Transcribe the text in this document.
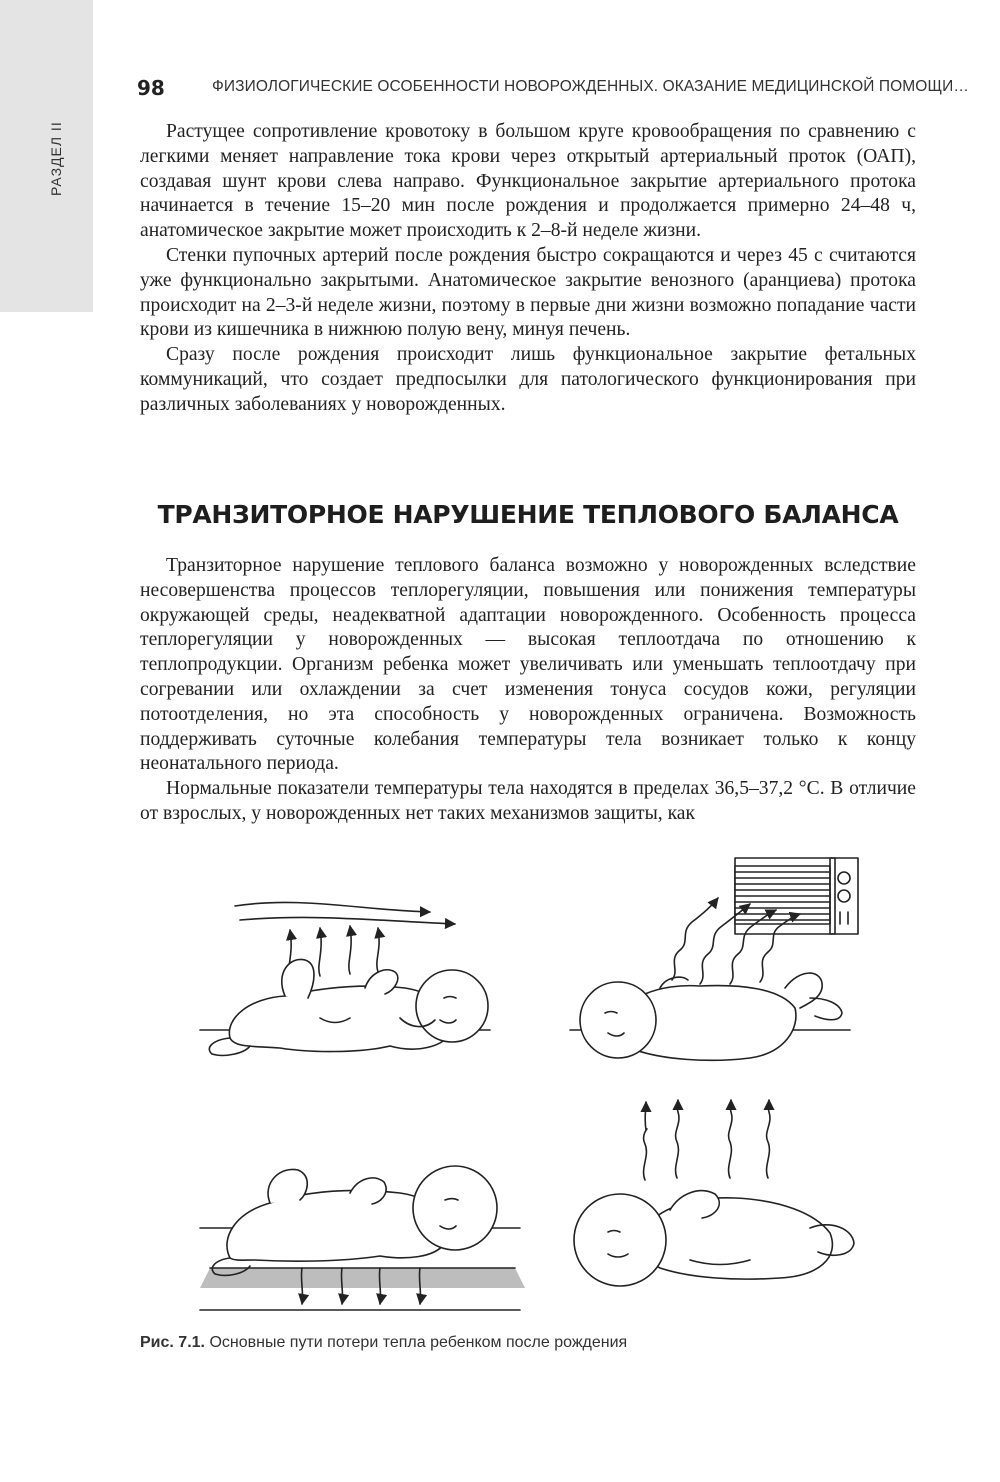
РАЗДЕЛ II
98	ФИЗИОЛОГИЧЕСКИЕ ОСОБЕННОСТИ НОВОРОЖДЕННЫХ. ОКАЗАНИЕ МЕДИЦИНСКОЙ ПОМОЩИ…

Растущее сопротивление кровотоку в большом круге кровообращения по сравнению с легкими меняет направление тока крови через открытый артериальный проток (ОАП), создавая шунт крови слева направо. Функциональное закрытие артериального протока начинается в течение 15–20 мин после рождения и продолжается примерно 24–48 ч, анатомическое закрытие может происходить к 2–8-й неделе жизни.

Стенки пупочных артерий после рождения быстро сокращаются и через 45 с считаются уже функционально закрытыми. Анатомическое закрытие венозного (аранциева) протока происходит на 2–3-й неделе жизни, поэтому в первые дни жизни возможно попадание части крови из кишечника в нижнюю полую вену, минуя печень.

Сразу после рождения происходит лишь функциональное закрытие фетальных коммуникаций, что создает предпосылки для патологического функционирования при различных заболеваниях у новорожденных.

ТРАНЗИТОРНОЕ НАРУШЕНИЕ ТЕПЛОВОГО БАЛАНСА

Транзиторное нарушение теплового баланса возможно у новорожденных вследствие несовершенства процессов теплорегуляции, повышения или понижения температуры окружающей среды, неадекватной адаптации новорожденного. Особенность процесса теплорегуляции у новорожденных — высокая теплоотдача по отношению к теплопродукции. Организм ребенка может увеличивать или уменьшать теплоотдачу при согревании или охлаждении за счет изменения тонуса сосудов кожи, регуляции потоотделения, но эта способность у новорожденных ограничена. Возможность поддерживать суточные колебания температуры тела возникает только к концу неонатального периода.

Нормальные показатели температуры тела находятся в пределах 36,5–37,2 °С. В отличие от взрослых, у новорожденных нет таких механизмов защиты, как

Рис. 7.1. Основные пути потери тепла ребенком после рождения
